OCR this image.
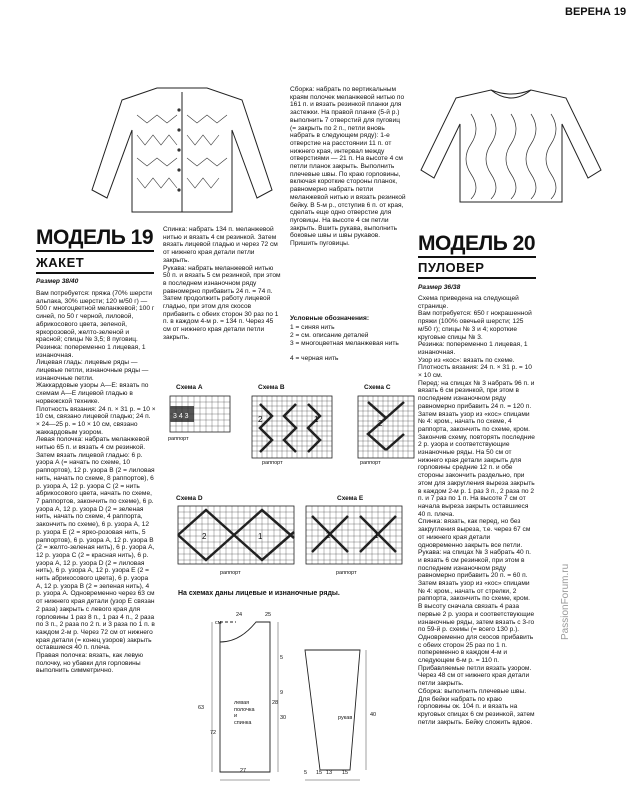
ВЕРЕНА 19
МОДЕЛЬ 19
ЖАКЕТ
Размер 38/40
Вам потребуется: пряжа (70% шерсти альпака, 30% шерсти; 120 м/50 г) — 500 г многоцветной меланжевой; 100 г синей, по 50 г черной, лиловой, абрикосового цвета, зеленой, яркорозовой, желто-зеленой и красной; спицы № 3,5; 8 пуговиц.
Резинка: попеременно 1 лицевая, 1 изнаночная.
Лицевая гладь: лицевые ряды — лицевые петли, изнаночные ряды — изнаночные петли.
Жаккардовые узоры А—Е: вязать по схемам А—Е лицевой гладью в норвежской технике.
Плотность вязания: 24 п. × 31 р. = 10 × 10 см, связано лицевой гладью; 24 п. × 24—25 р. = 10 × 10 см, связано жаккардовым узором.
Левая полочка: набрать меланжевой нитью 65 п. и вязать 4 см резинкой. Затем вязать лицевой гладью: 6 р. узора А (= начать по схеме, 10 раппортов), 12 р. узора В (2 = лиловая нить, начать по схеме, 8 раппортов), 6 р. узора А, 12 р. узора С (2 = нить абрикосового цвета, начать по схеме, 7 раппортов, закончить по схеме), 6 р. узора А, 12 р. узора D (2 = зеленая нить, начать по схеме, 4 раппорта, закончить по схеме), 6 р. узора А, 12 р. узора Е (2 = ярко-розовая нить, 5 раппортов), 6 р. узора А, 12 р. узора В (2 = желто-зеленая нить), 6 р. узора А, 12 р. узора С (2 = красная нить), 6 р. узора А, 12 р. узора D (2 = лиловая нить), 6 р. узора А, 12 р. узора Е (2 = нить абрикосового цвета), 6 р. узора А, 12 р. узора В (2 = зеленая нить), 4 р. узора А. Одновременно через 63 см от нижнего края детали (узор Е связан 2 раза) закрыть с левого края для горловины 1 раз 8 п., 1 раз 4 п., 2 раза по 3 п., 2 раза по 2 п. и 3 раза по 1 п. в каждом 2-м р. Через 72 см от нижнего края детали (= конец узоров) закрыть оставшиеся 40 п. плеча.
Правая полочка: вязать, как левую полочку, но убавки для горловины выполнить симметрично.
Спинка: набрать 134 п. меланжевой нитью и вязать 4 см резинкой. Затем вязать лицевой гладью и через 72 см от нижнего края детали петли закрыть.
Рукава: набрать меланжевой нитью 50 п. и вязать 5 см резинкой, при этом в последнем изнаночном ряду равномерно прибавить 24 п. = 74 п. Затем продолжить работу лицевой гладью, при этом для скосов прибавить с обеих сторон 30 раз по 1 п. в каждом 4-м р. = 134 п. Через 45 см от нижнего края детали петли закрыть.
Сборка: набрать по вертикальным краям полочек меланжевой нитью по 161 п. и вязать резинкой планки для застежки. На правой планке (5-й р.) выполнить 7 отверстий для пуговиц (= закрыть по 2 п., петли вновь набрать в следующем ряду): 1-е отверстие на расстоянии 11 п. от нижнего края, интервал между отверстиями — 21 п. На высоте 4 см петли планок закрыть. Выполнить плечевые швы. По краю горловины, включая короткие стороны планок, равномерно набрать петли меланжевой нитью и вязать резинкой бейку. В 5-м р., отступив 6 п. от края, сделать еще одно отверстие для пуговицы. На высоте 4 см петли закрыть. Вшить рукава, выполнить боковые швы и швы рукавов. Пришить пуговицы.
Условные обозначения:
1 = синяя нить
2 = см. описание деталей
3 = многоцветная меланжевая нить
4 = черная нить
Схема А	Схема В	Схема С
Схема D	Схема Е
3 4 3
раппорт
2	1
раппорт
2
раппорт
2	1
раппорт
2	1
раппорт
На схемах даны лицевые и изнаночные ряды.
левая
полочка
и
спинка
рукав
см
24	25
63
72
5
9
30
27	15
5	13 15
28
40
МОДЕЛЬ 20
ПУЛОВЕР
Размер 36/38
Схема приведена на следующей странице.
Вам потребуется: 650 г нокрашенной пряжи (100% овечьей шерсти; 125 м/50 г); спицы № 3 и 4; короткие круговые спицы № 3.
Резинка: попеременно 1 лицевая, 1 изнаночная.
Узор из «кос»: вязать по схеме.
Плотность вязания: 24 п. × 31 р. = 10 × 10 см.
Перед: на спицах № 3 набрать 96 п. и вязать 6 см резинкой, при этом в последнем изнаночном ряду равномерно прибавить 24 п. = 120 п. Затем вязать узор из «кос» спицами № 4: кром., начать по схеме, 4 раппорта, закончить по схеме, кром. Закончив схему, повторять последние 2 р. узора и соответствующие изнаночные ряды. На 50 см от нижнего края детали закрыть для горловины средние 12 п. и обе стороны закончить раздельно, при этом для закругления выреза закрыть в каждом 2-м р. 1 раз 3 п., 2 раза по 2 п. и 7 раз по 1 п. На высоте 7 см от начала выреза закрыть оставшиеся 40 п. плеча.
Спинка: вязать, как перед, но без закругления выреза, т.е. через 67 см от нижнего края детали одновременно закрыть все петли.
Рукава: на спицах № 3 набрать 40 п. и вязать 6 см резинкой, при этом в последнем изнаночном ряду равномерно прибавить 20 п. = 60 п. Затем вязать узор из «кос» спицами № 4: кром., начать от стрелки, 2 раппорта, закончить по схеме, кром. В высоту сначала связать 4 раза первые 2 р. узора и соответствующие изнаночные ряды, затем вязать с 3-го по 59-й р. схемы (= всего 130 р.). Одновременно для скосов прибавить с обеих сторон 25 раз по 1 п. попеременно в каждом 4-м и следующем 6-м р. = 110 п. Прибавляемые петли вязать узором. Через 48 см от нижнего края детали петли закрыть.
Сборка: выполнить плечевые швы. Для бейки набрать по краю горловины ок. 104 п. и вязать на круговых спицах 6 см резинкой, затем петли закрыть. Бейку сложить вдвое.
PassionForum.ru
